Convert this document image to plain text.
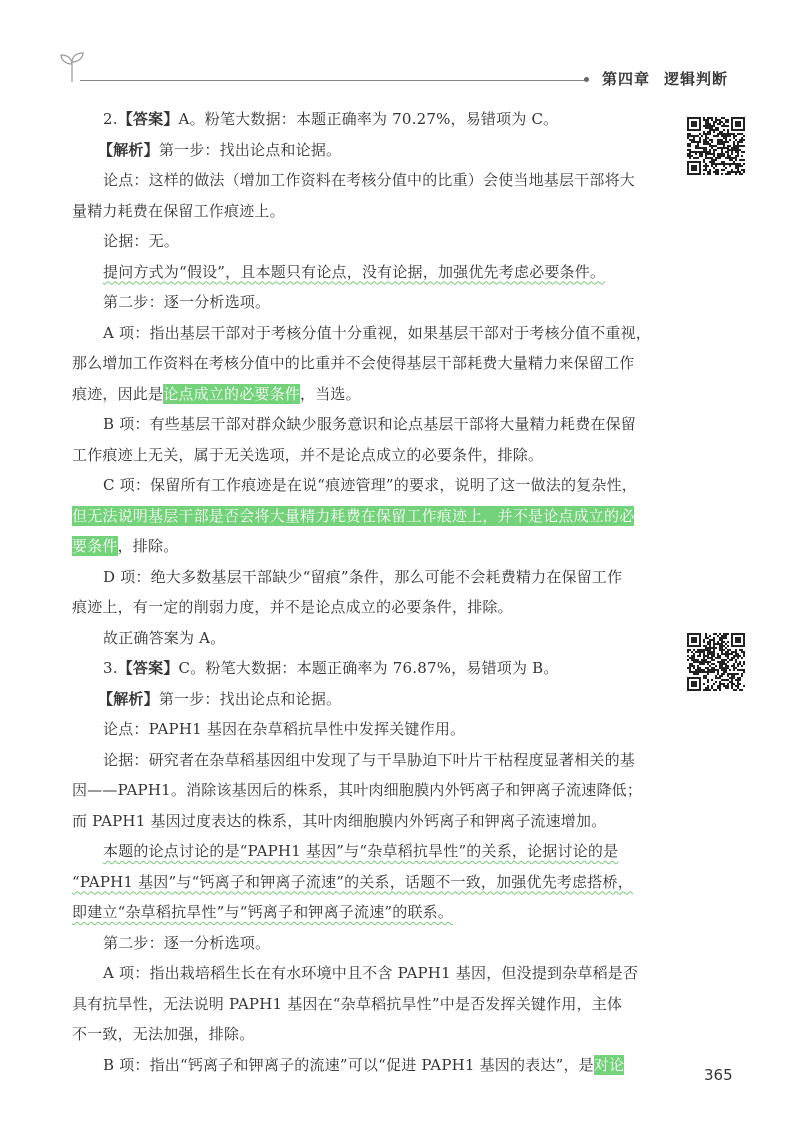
第四章 逻辑判断
2.【答案】A。粉笔大数据：本题正确率为 70.27%，易错项为 C。
【解析】第一步：找出论点和论据。
论点：这样的做法（增加工作资料在考核分值中的比重）会使当地基层干部将大
量精力耗费在保留工作痕迹上。
论据：无。
提问方式为“假设”，且本题只有论点，没有论据，加强优先考虑必要条件。
第二步：逐一分析选项。
A 项：指出基层干部对于考核分值十分重视，如果基层干部对于考核分值不重视，
那么增加工作资料在考核分值中的比重并不会使得基层干部耗费大量精力来保留工作
痕迹，因此是论点成立的必要条件，当选。
B 项：有些基层干部对群众缺少服务意识和论点基层干部将大量精力耗费在保留
工作痕迹上无关，属于无关选项，并不是论点成立的必要条件，排除。
C 项：保留所有工作痕迹是在说“痕迹管理”的要求，说明了这一做法的复杂性，
但无法说明基层干部是否会将大量精力耗费在保留工作痕迹上，并不是论点成立的必
要条件，排除。
D 项：绝大多数基层干部缺少“留痕”条件，那么可能不会耗费精力在保留工作
痕迹上，有一定的削弱力度，并不是论点成立的必要条件，排除。
故正确答案为 A。
3.【答案】C。粉笔大数据：本题正确率为 76.87%，易错项为 B。
【解析】第一步：找出论点和论据。
论点：PAPH1 基因在杂草稻抗旱性中发挥关键作用。
论据：研究者在杂草稻基因组中发现了与干旱胁迫下叶片干枯程度显著相关的基
因——PAPH1。消除该基因后的株系，其叶肉细胞膜内外钙离子和钾离子流速降低；
而 PAPH1 基因过度表达的株系，其叶肉细胞膜内外钙离子和钾离子流速增加。
本题的论点讨论的是“PAPH1 基因”与“杂草稻抗旱性”的关系，论据讨论的是
“PAPH1 基因”与“钙离子和钾离子流速”的关系，话题不一致，加强优先考虑搭桥，
即建立“杂草稻抗旱性”与“钙离子和钾离子流速”的联系。
第二步：逐一分析选项。
A 项：指出栽培稻生长在有水环境中且不含 PAPH1 基因，但没提到杂草稻是否
具有抗旱性，无法说明 PAPH1 基因在“杂草稻抗旱性”中是否发挥关键作用，主体
不一致，无法加强，排除。
B 项：指出“钙离子和钾离子的流速”可以“促进 PAPH1 基因的表达”，是对论
365
